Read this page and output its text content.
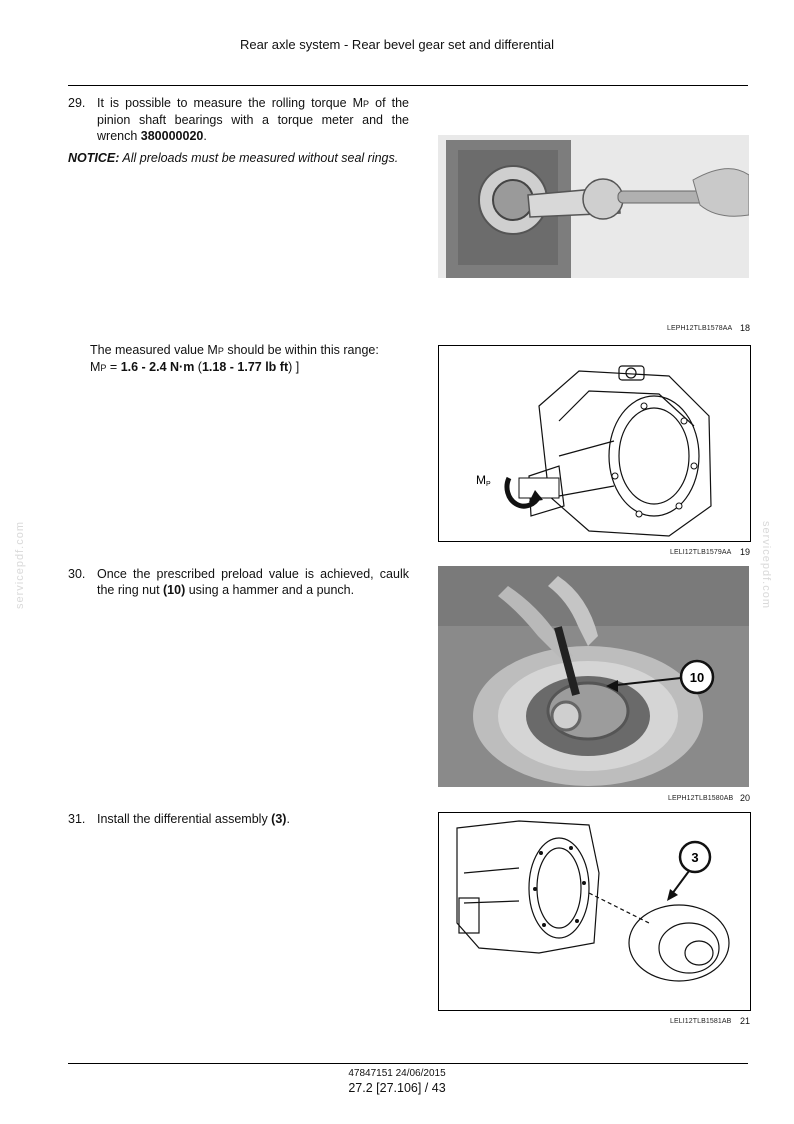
Rear axle system - Rear bevel gear set and differential
29. It is possible to measure the rolling torque MP of the pinion shaft bearings with a torque meter and the wrench 380000020.
NOTICE: All preloads must be measured without seal rings.
LEPH12TLB1578AA 18
The measured value MP should be within this range:
MP = 1.6 - 2.4 N·m (1.18 - 1.77 lb ft) ]
MP
LELI12TLB1579AA 19
30. Once the prescribed preload value is achieved, caulk the ring nut (10) using a hammer and a punch.
10
LEPH12TLB1580AB 20
31. Install the differential assembly (3).
3
LELI12TLB1581AB 21
servicepdf.com	servicepdf.com
47847151 24/06/2015
27.2 [27.106] / 43
